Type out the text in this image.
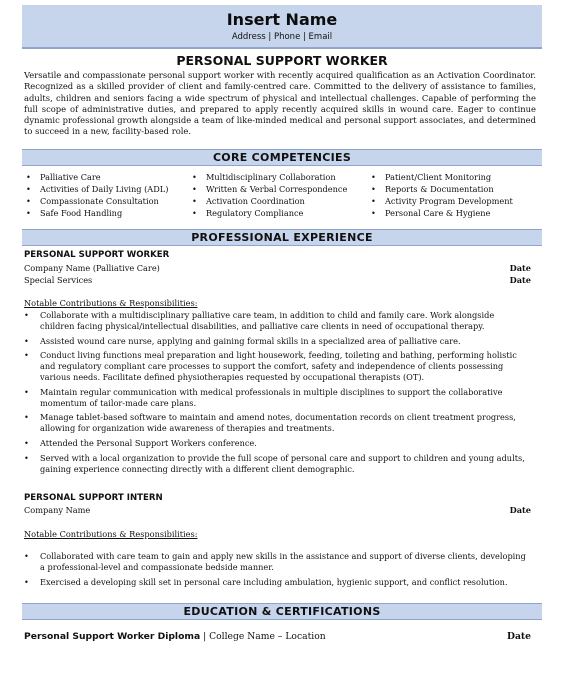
Insert Name
Address | Phone | Email
PERSONAL SUPPORT WORKER
Versatile and compassionate personal support worker with recently acquired qualification as an Activation Coordinator. Recognized as a skilled provider of client and family-centred care. Committed to the delivery of assistance to families, adults, children and seniors facing a wide spectrum of physical and intellectual challenges. Capable of performing the full scope of administrative duties, and prepared to apply recently acquired skills in wound care. Eager to continue dynamic professional growth alongside a team of like-minded medical and personal support associates, and determined to succeed in a new, facility-based role.
CORE COMPETENCIES
• Palliative Care
• Activities of Daily Living (ADL)
• Compassionate Consultation
• Safe Food Handling
• Multidisciplinary Collaboration
• Written & Verbal Correspondence
• Activation Coordination
• Regulatory Compliance
• Patient/Client Monitoring
• Reports & Documentation
• Activity Program Development
• Personal Care & Hygiene
PROFESSIONAL EXPERIENCE
PERSONAL SUPPORT WORKER
Company Name (Palliative Care)	Date
Special Services	Date
Notable Contributions & Responsibilities:
• Collaborate with a multidisciplinary palliative care team, in addition to child and family care. Work alongside children facing physical/intellectual disabilities, and palliative care clients in need of occupational therapy.
• Assisted wound care nurse, applying and gaining formal skills in a specialized area of palliative care.
• Conduct living functions meal preparation and light housework, feeding, toileting and bathing, performing holistic and regulatory compliant care processes to support the comfort, safety and independence of clients possessing various needs. Facilitate defined physiotherapies requested by occupational therapists (OT).
• Maintain regular communication with medical professionals in multiple disciplines to support the collaborative momentum of tailor-made care plans.
• Manage tablet-based software to maintain and amend notes, documentation records on client treatment progress, allowing for organization wide awareness of therapies and treatments.
• Attended the Personal Support Workers conference.
• Served with a local organization to provide the full scope of personal care and support to children and young adults, gaining experience connecting directly with a different client demographic.
PERSONAL SUPPORT INTERN
Company Name	Date
Notable Contributions & Responsibilities:
• Collaborated with care team to gain and apply new skills in the assistance and support of diverse clients, developing a professional-level and compassionate bedside manner.
• Exercised a developing skill set in personal care including ambulation, hygienic support, and conflict resolution.
EDUCATION & CERTIFICATIONS
Personal Support Worker Diploma | College Name – Location	Date
